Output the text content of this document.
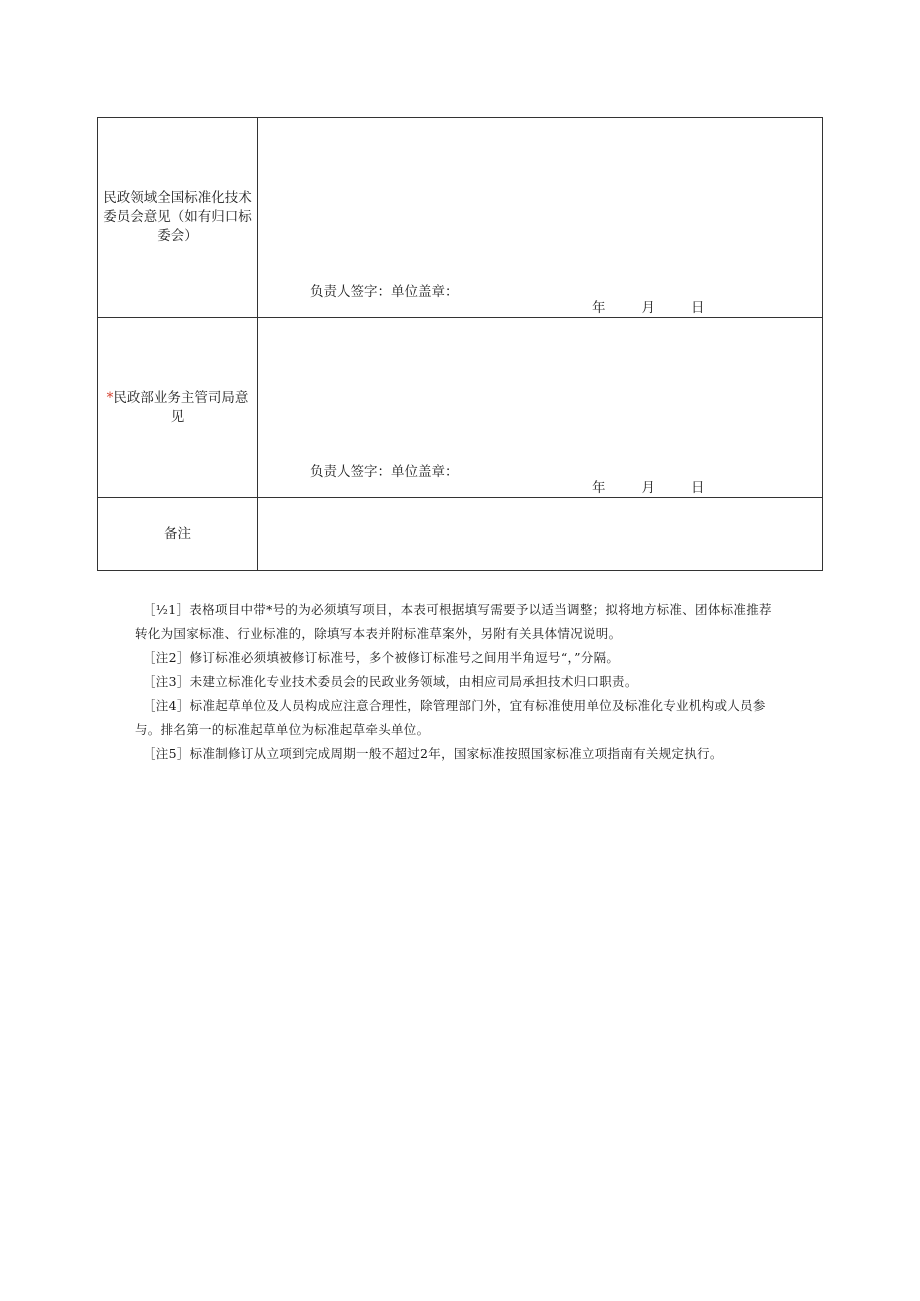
民政领域全国标准化技术委员会意见（如有归口标委会）	负责人签字：单位盖章：
年 月 日

*民政部业务主管司局意见	负责人签字：单位盖章：
年 月 日

备注	

［½1］表格项目中带*号的为必须填写项目，本表可根据填写需要予以适当调整；拟将地方标准、团体标准推荐
转化为国家标准、行业标准的，除填写本表并附标准草案外，另附有关具体情况说明。

［注2］修订标准必须填被修订标准号，多个被修订标准号之间用半角逗号“，”分隔。

［注3］未建立标准化专业技术委员会的民政业务领域，由相应司局承担技术归口职责。

［注4］标准起草单位及人员构成应注意合理性，除管理部门外，宜有标准使用单位及标准化专业机构或人员参
与。排名第一的标准起草单位为标准起草牵头单位。

［注5］标准制修订从立项到完成周期一般不超过2年，国家标准按照国家标准立项指南有关规定执行。
